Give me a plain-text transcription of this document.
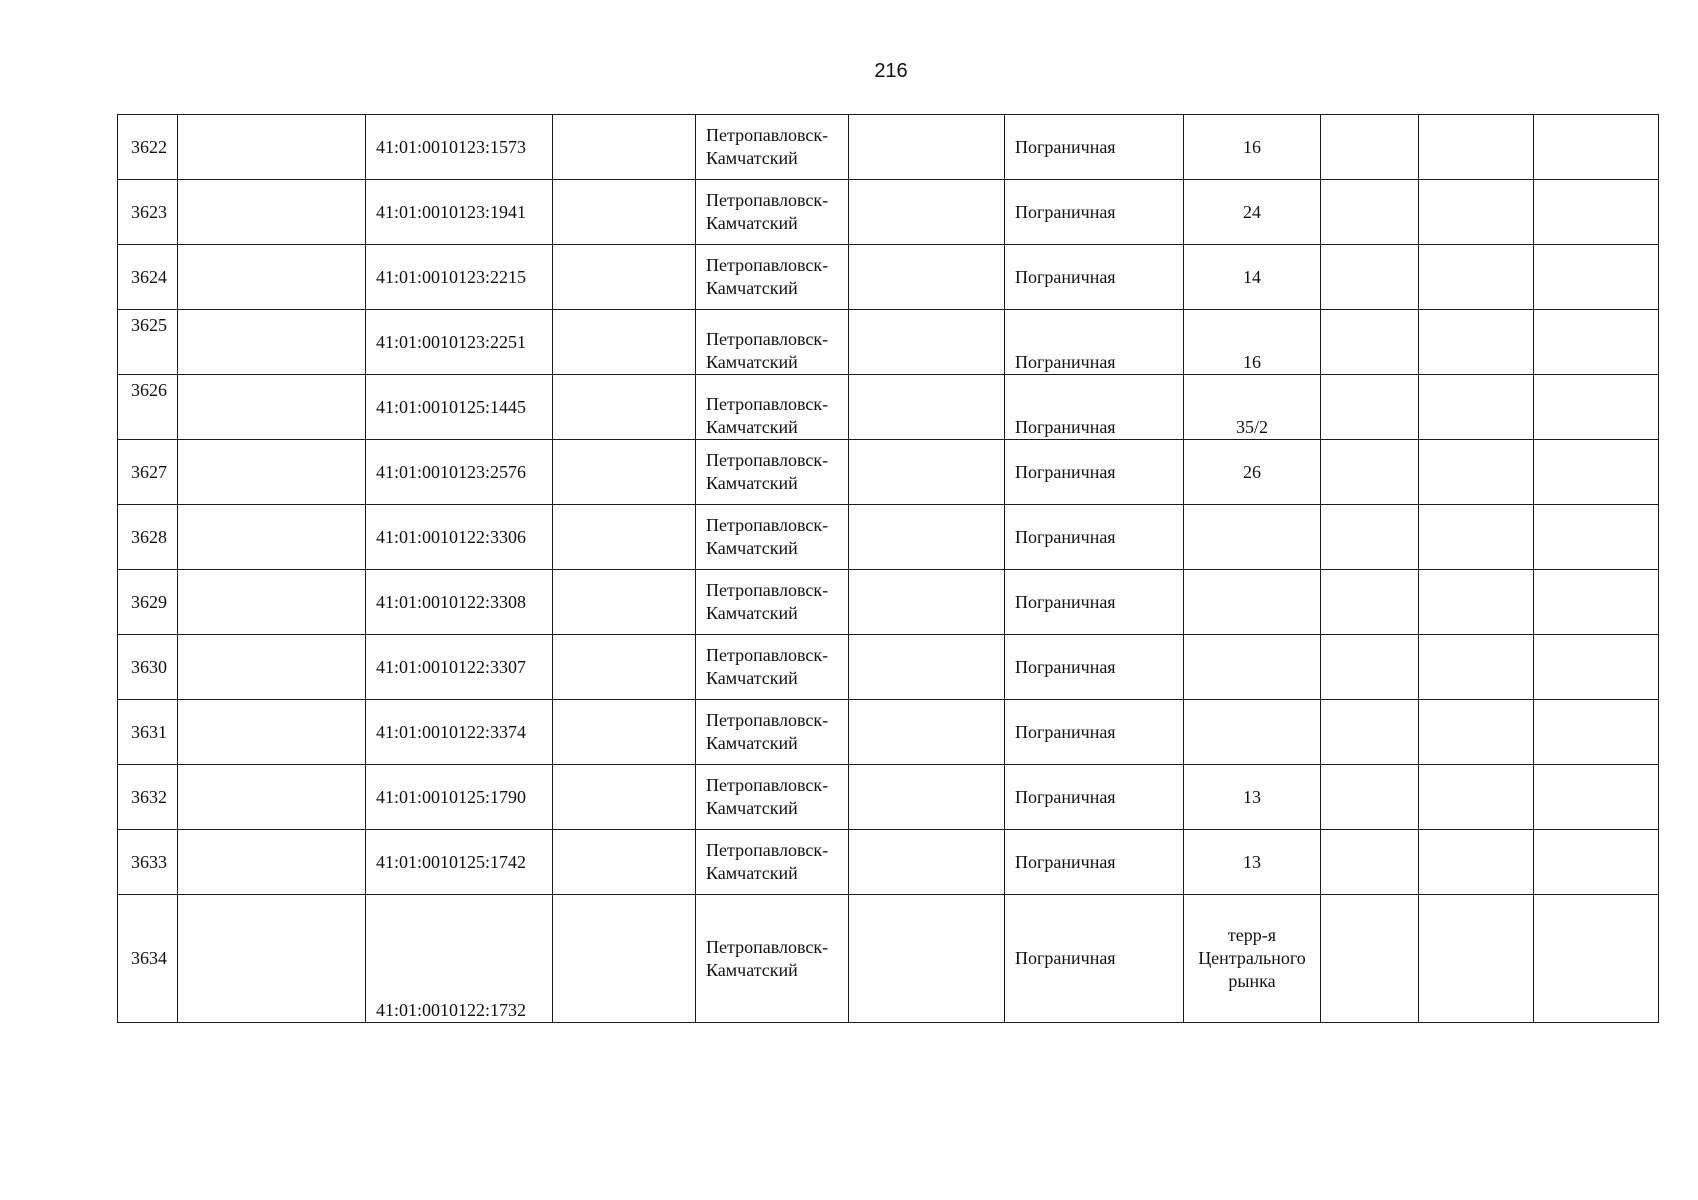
216
3622		41:01:0010123:1573		Петропавловск-Камчатский		Пограничная	16			

3623		41:01:0010123:1941		Петропавловск-Камчатский		Пограничная	24			

3624		41:01:0010123:2215		Петропавловск-Камчатский		Пограничная	14			

3625		41:01:0010123:2251		Петропавловск-Камчатский		Пограничная	16			

3626		41:01:0010125:1445		Петропавловск-Камчатский		Пограничная	35/2			

3627		41:01:0010123:2576		Петропавловск-Камчатский		Пограничная	26			

3628		41:01:0010122:3306		Петропавловск-Камчатский		Пограничная				

3629		41:01:0010122:3308		Петропавловск-Камчатский		Пограничная				

3630		41:01:0010122:3307		Петропавловск-Камчатский		Пограничная				

3631		41:01:0010122:3374		Петропавловск-Камчатский		Пограничная				

3632		41:01:0010125:1790		Петропавловск-Камчатский		Пограничная	13			

3633		41:01:0010125:1742		Петропавловск-Камчатский		Пограничная	13			

3634		41:01:0010122:1732		Петропавловск-Камчатский		Пограничная	терр-я Центрального рынка			
